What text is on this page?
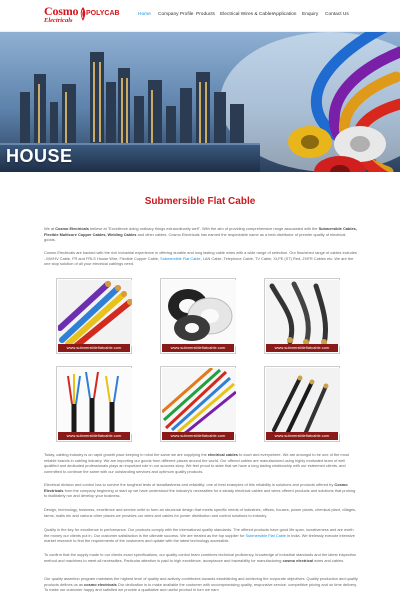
Cosmo
Electricals
POLYCAB	Home Company Profile Products Electrical Wires & Cables Application Enquiry Contact Us
HOUSE
Submersible Flat Cable

We at Cosmo Electricals believe at "Excellence doing ordinary things extraordinarily well". With the aim of providing comprehensive range associated with the Submersible Cables, Flexible Multicore Copper Cables, Welding Cables and other cables. Cosmo Electricals has earned the respectable name as a best distributor of premier quality of electrical goods.

Cosmo Electricals are backed with the rich industrial experience in offering durable and long lasting cable wires with a wide range of selection. Our flourished range of cables includes - MV/HV Cable, FR and FRLS House Wire, Flexible Copper Cable, Submersible Flat Cable, LAN Cable, Telephone Cable, TV Cable, XLPE (ST) Red, ZHFR Cables etc. We are the one stop solution of all your electrical cablings need.

www.submersibleflatcable.com	www.submersibleflatcable.com	www.submersibleflatcable.com
www.submersibleflatcable.com	www.submersibleflatcable.com	www.submersibleflatcable.com

Today, cabling industry is on rapid growth pace keeping in mind the same we are supplying the electrical cables to each and everywhere. We are amongst to be one of the most reliable brands in cabling industry. We are importing our goods from different places around the world. Our offered cables are manufactured using highly motivated team of well qualified and dedicated professionals plays an important role in our success story. We feel proud to state that we have a long lasting relationship with our esteemed clients, and committed to continue the same with our outstanding services and optimum quality products.

Electrical division and control has to survive the toughest tests of steadfastness and reliability: one of best examples of this reliability is solutions and products offered by Cosmo Electricals from the company beginning or start up we have understood the industry's necessities for a steady electrical cables and wires offered products and solutions that prolong to facilitately run and develop your business.

Design, technology, business, excellence and service unite to form an structural design that meets specific needs of industries, offices, houses, power plants, chemical plant, villages, farms, malls etc and various other places we provides our wires and cables for power distribution and control solutions to industry.

Quality is the key for excellence in performance. Our products comply with the international quality standards. The offered products have good life span, lucrativeness and are worth the money our clients put in. Our customer satisfaction is the ultimate success. We are treated as the top supplier for Submersible Flat Cable in India. We tirelessly execute intensive market research to find the requirements of the customers and update with the latest technology accessible.

To confirm that the supply made to our clients exact specifications, our quality control team combines technical proficiency, knowledge of industrial standards and the latest inspection method and machines to meet all necessities. Particular attention is paid to high excellence, acceptance and traceability for manufacturing cosmo electrical wires and cables.

Our quality assertion program maintains the highest level of quality and actively contributes towards establishing and achieving the corporate objectives. Quality production and quality products defines us as cosmo electricals Our dedication is to make available the customer with uncompromising quality, responsive service, competitive pricing and on time delivery. To make our customer happy and satisfied we provide a qualitative and useful product in turn we earn
